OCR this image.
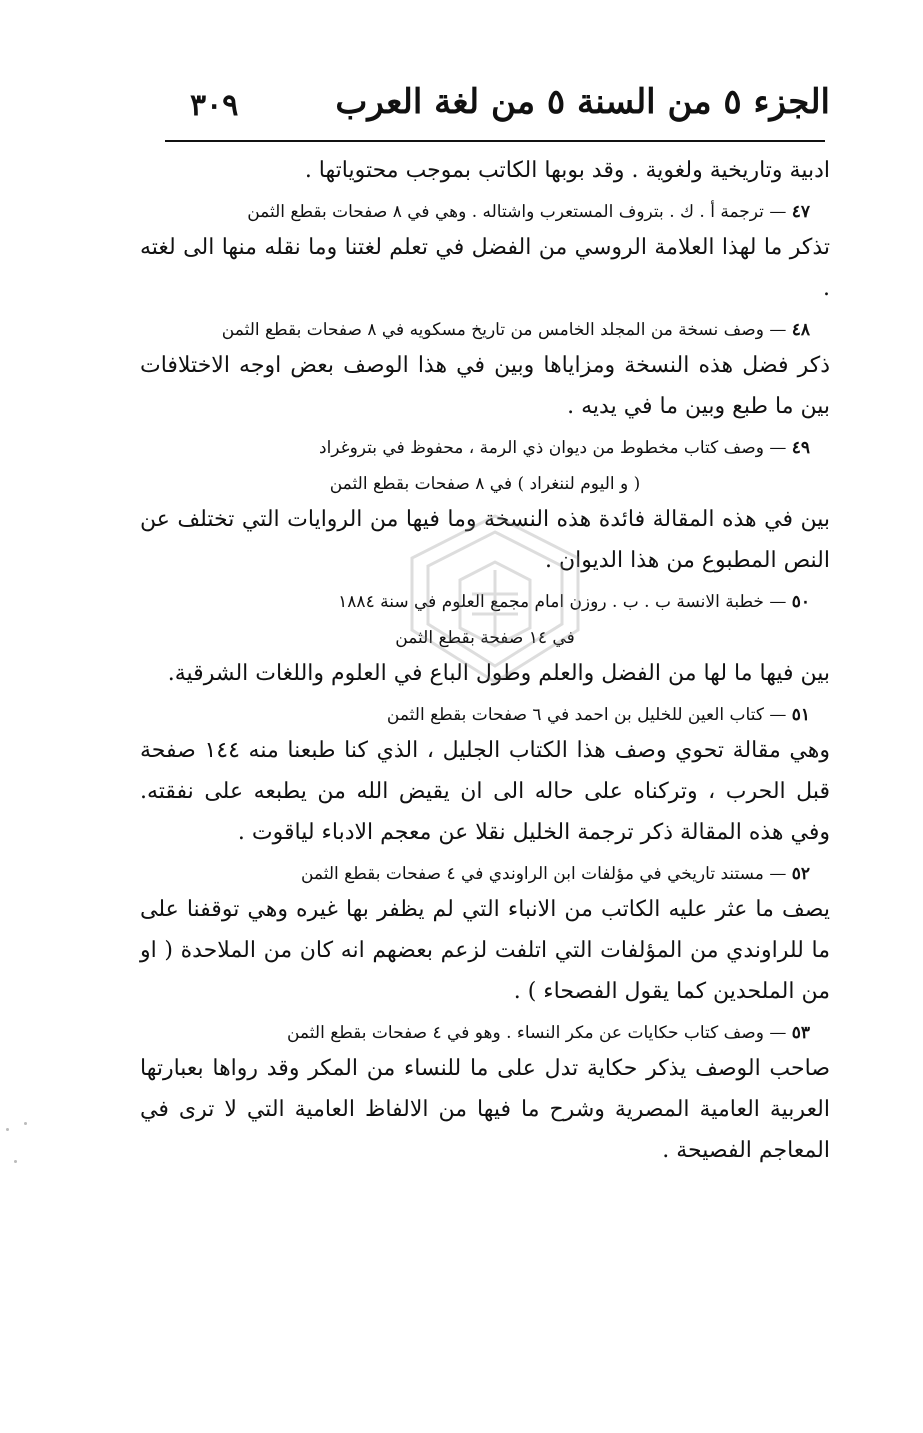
الجزء ٥ من السنة ٥ من لغة العرب
٣٠٩

ادبية وتاريخية ولغوية . وقد بوبها الكاتب بموجب محتوياتها .

٤٧ — ترجمة أ . ك . بتروف المستعرب واشتاله . وهي في ٨ صفحات بقطع الثمن

تذكر ما لهذا العلامة الروسي من الفضل في تعلم لغتنا وما نقله منها الى لغته .

٤٨ — وصف نسخة من المجلد الخامس من تاريخ مسكويه في ٨ صفحات بقطع الثمن

ذكر فضل هذه النسخة ومزاياها وبين في هذا الوصف بعض اوجه الاختلافات بين ما طبع وبين ما في يديه .

٤٩ — وصف كتاب مخطوط من ديوان ذي الرمة ، محفوظ في بتروغراد
( و اليوم لننغراد ) في ٨ صفحات بقطع الثمن

بين في هذه المقالة فائدة هذه النسخة وما فيها من الروايات التي تختلف عن النص المطبوع من هذا الديوان .

٥٠ — خطبة الانسة ب . ب . روزن امام مجمع العلوم في سنة ١٨٨٤
في ١٤ صفحة بقطع الثمن

بين فيها ما لها من الفضل والعلم وطول الباع في العلوم واللغات الشرقية.

٥١ — كتاب العين للخليل بن احمد في ٦ صفحات بقطع الثمن

وهي مقالة تحوي وصف هذا الكتاب الجليل ، الذي كنا طبعنا منه ١٤٤ صفحة قبل الحرب ، وتركناه على حاله الى ان يقيض الله من يطبعه على نفقته. وفي هذه المقالة ذكر ترجمة الخليل نقلا عن معجم الادباء لياقوت .

٥٢ — مستند تاريخي في مؤلفات ابن الراوندي في ٤ صفحات بقطع الثمن

يصف ما عثر عليه الكاتب من الانباء التي لم يظفر بها غيره وهي توقفنا على ما للراوندي من المؤلفات التي اتلفت لزعم بعضهم انه كان من الملاحدة ( او من الملحدين كما يقول الفصحاء ) .

٥٣ — وصف كتاب حكايات عن مكر النساء . وهو في ٤ صفحات بقطع الثمن

صاحب الوصف يذكر حكاية تدل على ما للنساء من المكر وقد رواها بعبارتها العربية العامية المصرية وشرح ما فيها من الالفاظ العامية التي لا ترى في المعاجم الفصيحة .
